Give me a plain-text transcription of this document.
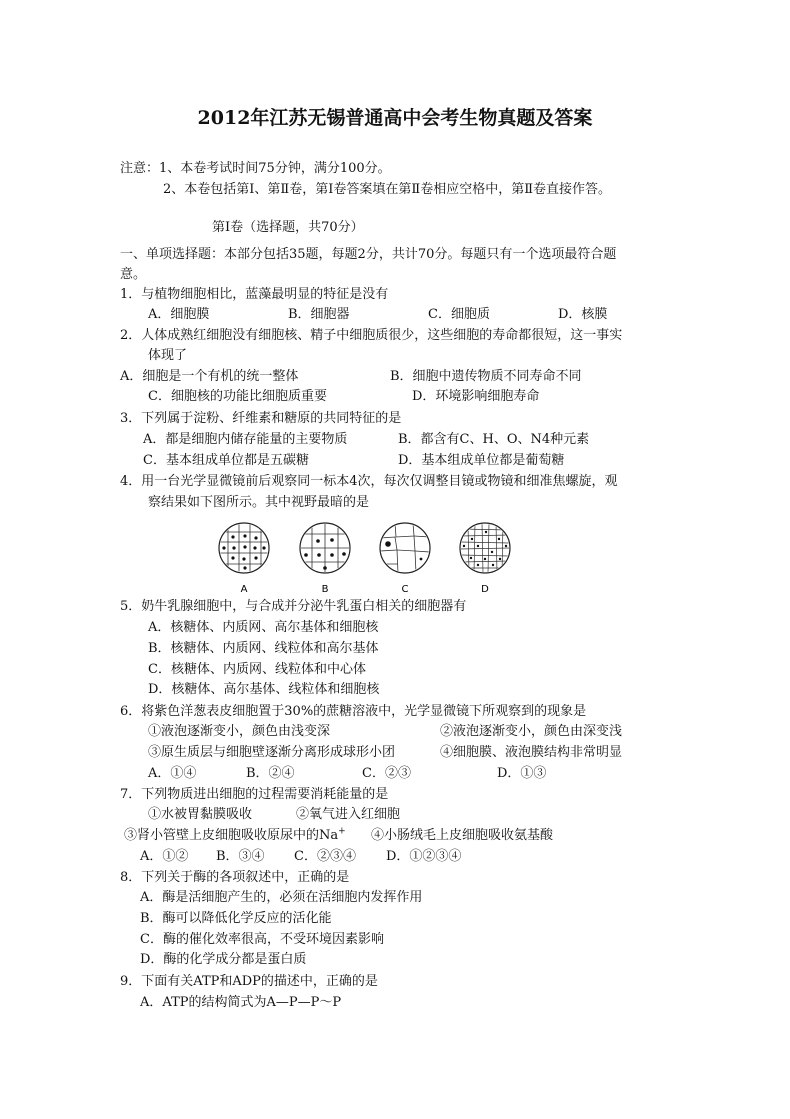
2012年江苏无锡普通高中会考生物真题及答案
注意：1、本卷考试时间75分钟，满分100分。
2、本卷包括第Ⅰ、第Ⅱ卷，第Ⅰ卷答案填在第Ⅱ卷相应空格中，第Ⅱ卷直接作答。
第Ⅰ卷（选择题，共70分）
一、单项选择题：本部分包括35题，每题2分，共计70分。每题只有一个选项最符合题
意。
1．与植物细胞相比，蓝藻最明显的特征是没有
A．细胞膜	B．细胞器	C．细胞质	D．核膜
2．人体成熟红细胞没有细胞核、精子中细胞质很少，这些细胞的寿命都很短，这一事实
体现了
A．细胞是一个有机的统一整体	B．细胞中遗传物质不同寿命不同
C．细胞核的功能比细胞质重要	D．环境影响细胞寿命
3．下列属于淀粉、纤维素和糖原的共同特征的是
A．都是细胞内储存能量的主要物质	B．都含有C、H、O、N4种元素
C．基本组成单位都是五碳糖	D．基本组成单位都是葡萄糖
4．用一台光学显微镜前后观察同一标本4次，每次仅调整目镜或物镜和细准焦螺旋，观
察结果如下图所示。其中视野最暗的是
A	B	C	D
5．奶牛乳腺细胞中，与合成并分泌牛乳蛋白相关的细胞器有
A．核糖体、内质网、高尔基体和细胞核
B．核糖体、内质网、线粒体和高尔基体
C．核糖体、内质网、线粒体和中心体
D．核糖体、高尔基体、线粒体和细胞核
6．将紫色洋葱表皮细胞置于30%的蔗糖溶液中，光学显微镜下所观察到的现象是
①液泡逐渐变小，颜色由浅变深	②液泡逐渐变小，颜色由深变浅
③原生质层与细胞壁逐渐分离形成球形小团	④细胞膜、液泡膜结构非常明显
A．①④	B．②④	C．②③	D．①③
7．下列物质进出细胞的过程需要消耗能量的是
①水被胃黏膜吸收	②氧气进入红细胞
③肾小管壁上皮细胞吸收原尿中的Na+ ④小肠绒毛上皮细胞吸收氨基酸
A．①② B．③④ C．②③④ D．①②③④
8．下列关于酶的各项叙述中，正确的是
A．酶是活细胞产生的，必须在活细胞内发挥作用
B．酶可以降低化学反应的活化能
C．酶的催化效率很高，不受环境因素影响
D．酶的化学成分都是蛋白质
9．下面有关ATP和ADP的描述中，正确的是
A．ATP的结构简式为A—P—P～P
